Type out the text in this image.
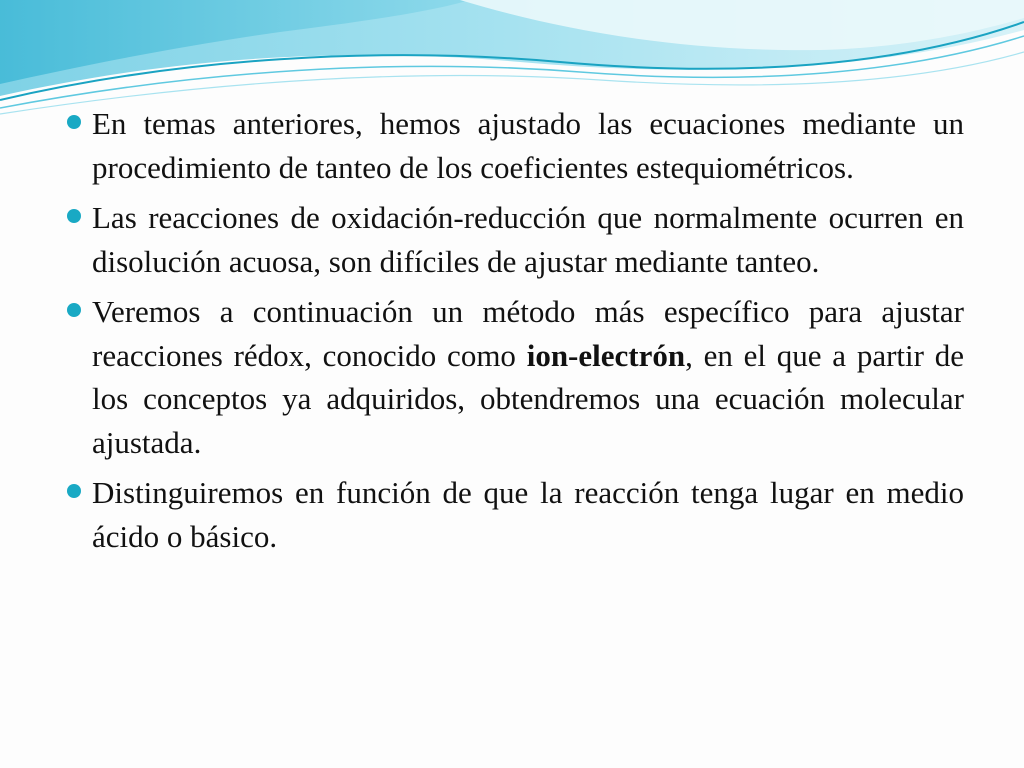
En temas anteriores, hemos ajustado las ecuaciones mediante un procedimiento de tanteo de los coeficientes estequiométricos.
Las reacciones de oxidación-reducción que normalmente ocurren en disolución acuosa, son difíciles de ajustar mediante tanteo.
Veremos a continuación un método más específico para ajustar reacciones rédox, conocido como ion-electrón, en el que a partir de los conceptos ya adquiridos, obtendremos una ecuación molecular ajustada.
Distinguiremos en función de que la reacción tenga lugar en medio ácido o básico.
